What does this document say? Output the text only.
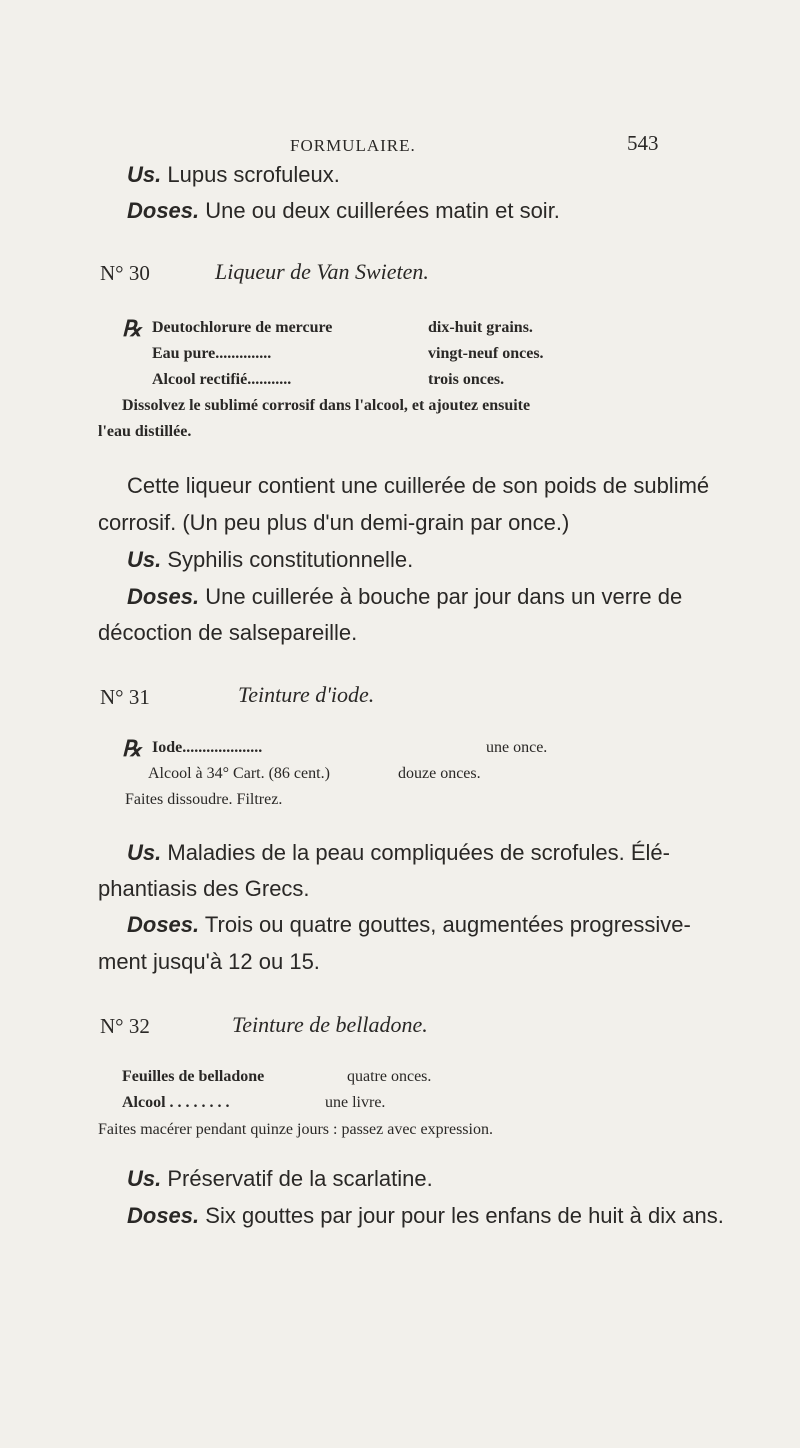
FORMULAIRE.	543
Us. Lupus scrofuleux.
Doses. Une ou deux cuillerées matin et soir.
N° 30	Liqueur de Van Swieten.
℞ Deutochlorure de mercure	dix-huit grains.
Eau pure..............	vingt-neuf onces.
Alcool rectifié...........	trois onces.
Dissolvez le sublimé corrosif dans l'alcool, et ajoutez ensuite
l'eau distillée.
Cette liqueur contient une cuillerée de son poids de sublimé
corrosif. (Un peu plus d'un demi-grain par once.)
Us. Syphilis constitutionnelle.
Doses. Une cuillerée à bouche par jour dans un verre de
décoction de salsepareille.
N° 31	Teinture d'iode.
℞ Iode....................	une once.
Alcool à 34° Cart. (86 cent.)	douze onces.
Faites dissoudre. Filtrez.
Us. Maladies de la peau compliquées de scrofules. Élé-
phantiasis des Grecs.
Doses. Trois ou quatre gouttes, augmentées progressive-
ment jusqu'à 12 ou 15.
N° 32	Teinture de belladone.
Feuilles de belladone	quatre onces.
Alcool . . . . . . . .	une livre.
Faites macérer pendant quinze jours : passez avec expression.
Us. Préservatif de la scarlatine.
Doses. Six gouttes par jour pour les enfans de huit à dix ans.
